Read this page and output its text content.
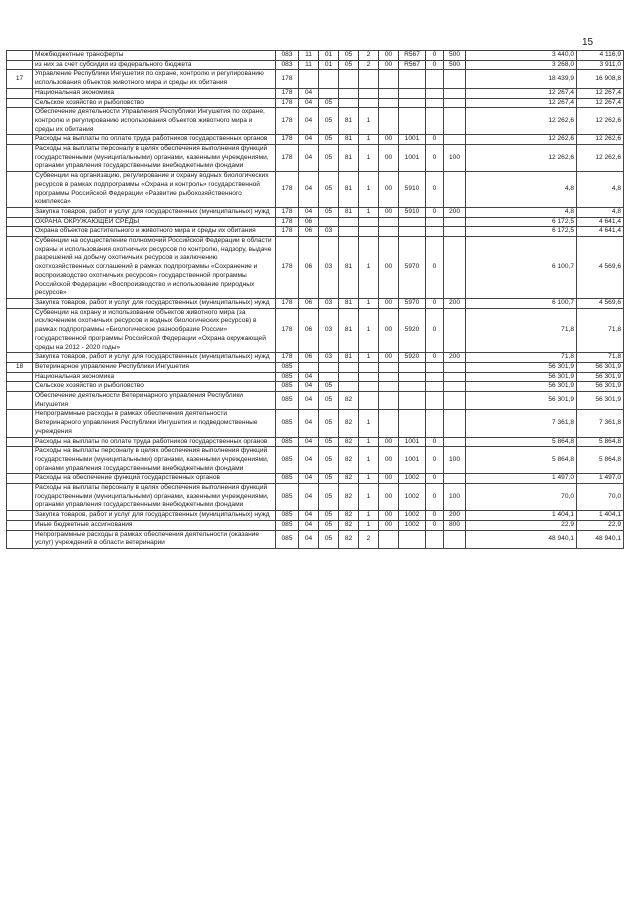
15
	Межбюджетные трансферты	083	11	01	05	2	00	R567	0	500	3 440,0	4 116,9
	из них за счет субсидии из федерального бюджета	083	11	01	05	2	00	R567	0	500	3 268,0	3 911,0
17	Управление Республики Ингушетия по охране, контролю и регулированию использования объектов животного мира и среды их обитания	178									18 439,9	16 908,8
	Национальная экономика	178	04								12 267,4	12 267,4
	Сельское хозяйство и рыболовство	178	04	05							12 267,4	12 267,4
	Обеспечение деятельности Управления Республики Ингушетия по охране, контролю и регулированию использования объектов животного мира и среды их обитания	178	04	05	81	1					12 262,6	12 262,6
	Расходы на выплаты по оплате труда работников государственных органов	178	04	05	81	1	00	1001	0		12 262,6	12 262,6
	Расходы на выплаты персоналу в целях обеспечения выполнения функций государственными (муниципальными) органами, казенными учреждениями, органами управления государственными внебюджетными фондами	178	04	05	81	1	00	1001	0	100	12 262,6	12 262,6
	Субвенции на организацию, регулирование и охрану водных биологических ресурсов в рамках подпрограммы «Охрана и контроль» государственной программы Российской Федерации «Развитие рыбохозяйственного комплекса»	178	04	05	81	1	00	5910	0		4,8	4,8
	Закупка товаров, работ и услуг для государственных (муниципальных) нужд	178	04	05	81	1	00	5910	0	200	4,8	4,8
	ОХРАНА ОКРУЖАЮЩЕЙ СРЕДЫ	178	06								6 172,5	4 641,4
	Охрана объектов растительного и животного мира и среды их обитания	178	06	03							6 172,5	4 641,4
	Субвенции на осуществление полномочий Российской Федерации в области охраны и использования охотничьих ресурсов по контролю, надзору, выдаче разрешений на добычу охотничьих ресурсов и заключению охотхозяйственных соглашений в рамках подпрограммы «Сохранение и воспроизводство охотничьих ресурсов» государственной программы Российской Федерации «Воспроизводство и использование природных ресурсов»	178	06	03	81	1	00	5970	0		6 100,7	4 569,6
	Закупка товаров, работ и услуг для государственных (муниципальных) нужд	178	06	03	81	1	00	5970	0	200	6 100,7	4 569,6
	Субвенции на охрану и использование объектов животного мира (за исключением охотничьих ресурсов и водных биологических ресурсов) в рамках подпрограммы «Биологическое разнообразие России» государственной программы Российской Федерации «Охрана окружающей среды на 2012 - 2020 годы»	178	06	03	81	1	00	5920	0		71,8	71,8
	Закупка товаров, работ и услуг для государственных (муниципальных) нужд	178	06	03	81	1	00	5920	0	200	71,8	71,8
18	Ветеринарное управление Республики Ингушетия	085									56 301,9	56 301,9
	Национальная экономика	085	04								56 301,9	56 301,9
	Сельское хозяйство и рыболовство	085	04	05							56 301,9	56 301,9
	Обеспечение деятельности Ветеринарного управления Республики Ингушетия	085	04	05	82						56 301,9	56 301,9
	Непрограммные расходы в рамках обеспечения деятельности Ветеринарного управления Республики Ингушетия и подведомственные учреждения	085	04	05	82	1					7 361,8	7 361,8
	Расходы на выплаты по оплате труда работников государственных органов	085	04	05	82	1	00	1001	0		5 864,8	5 864,8
	Расходы на выплаты персоналу в целях обеспечения выполнения функций государственными (муниципальными) органами, казенными учреждениями, органами управления государственными внебюджетными фондами	085	04	05	82	1	00	1001	0	100	5 864,8	5 864,8
	Расходы на обеспечение функций государственных органов	085	04	05	82	1	00	1002	0		1 497,0	1 497,0
	Расходы на выплаты персоналу в целях обеспечения выполнения функций государственными (муниципальными) органами, казенными учреждениями, органами управления государственными внебюджетными фондами	085	04	05	82	1	00	1002	0	100	70,0	70,0
	Закупка товаров, работ и услуг для государственных (муниципальных) нужд	085	04	05	82	1	00	1002	0	200	1 404,1	1 404,1
	Иные бюджетные ассигнования	085	04	05	82	1	00	1002	0	800	22,9	22,9
	Непрограммные расходы в рамках обеспечения деятельности (оказание услуг) учреждений в области ветеринарии	085	04	05	82	2					48 940,1	48 940,1
